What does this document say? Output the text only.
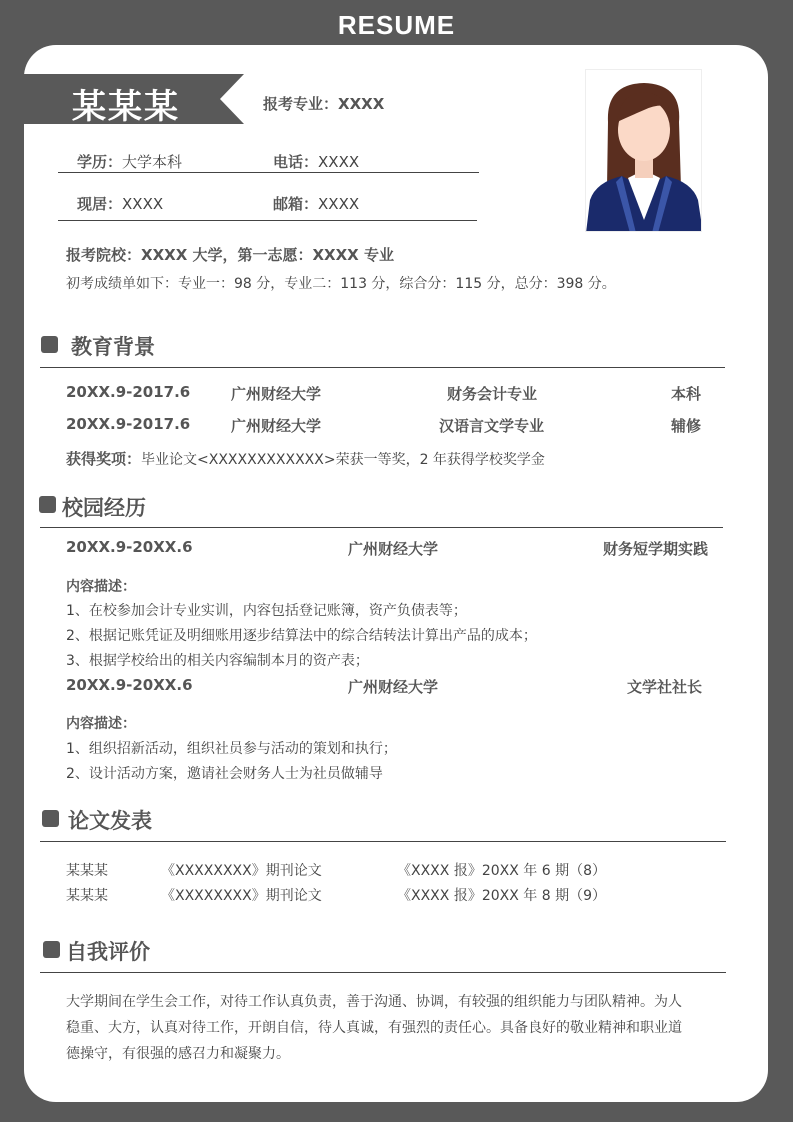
RESUME
某某某	报考专业：XXXX
学历：大学本科	电话：XXXX
现居：XXXX	邮箱：XXXX
报考院校：XXXX 大学，第一志愿：XXXX 专业
初考成绩单如下：专业一：98 分，专业二：113 分，综合分：115 分，总分：398 分。
教育背景
20XX.9-2017.6	广州财经大学	财务会计专业	本科
20XX.9-2017.6	广州财经大学	汉语言文学专业	辅修
获得奖项：毕业论文<XXXXXXXXXXXX>荣获一等奖，2 年获得学校奖学金
校园经历
20XX.9-20XX.6	广州财经大学	财务短学期实践
内容描述：
1、在校参加会计专业实训，内容包括登记账簿，资产负债表等；
2、根据记账凭证及明细账用逐步结算法中的综合结转法计算出产品的成本；
3、根据学校给出的相关内容编制本月的资产表；
20XX.9-20XX.6	广州财经大学	文学社社长
内容描述：
1、组织招新活动，组织社员参与活动的策划和执行；
2、设计活动方案，邀请社会财务人士为社员做辅导
论文发表
某某某	《XXXXXXXX》期刊论文	《XXXX 报》20XX 年 6 期（8）
某某某	《XXXXXXXX》期刊论文	《XXXX 报》20XX 年 8 期（9）
自我评价
大学期间在学生会工作，对待工作认真负责，善于沟通、协调，有较强的组织能力与团队精神。为人
稳重、大方，认真对待工作，开朗自信，待人真诚，有强烈的责任心。具备良好的敬业精神和职业道
德操守，有很强的感召力和凝聚力。
